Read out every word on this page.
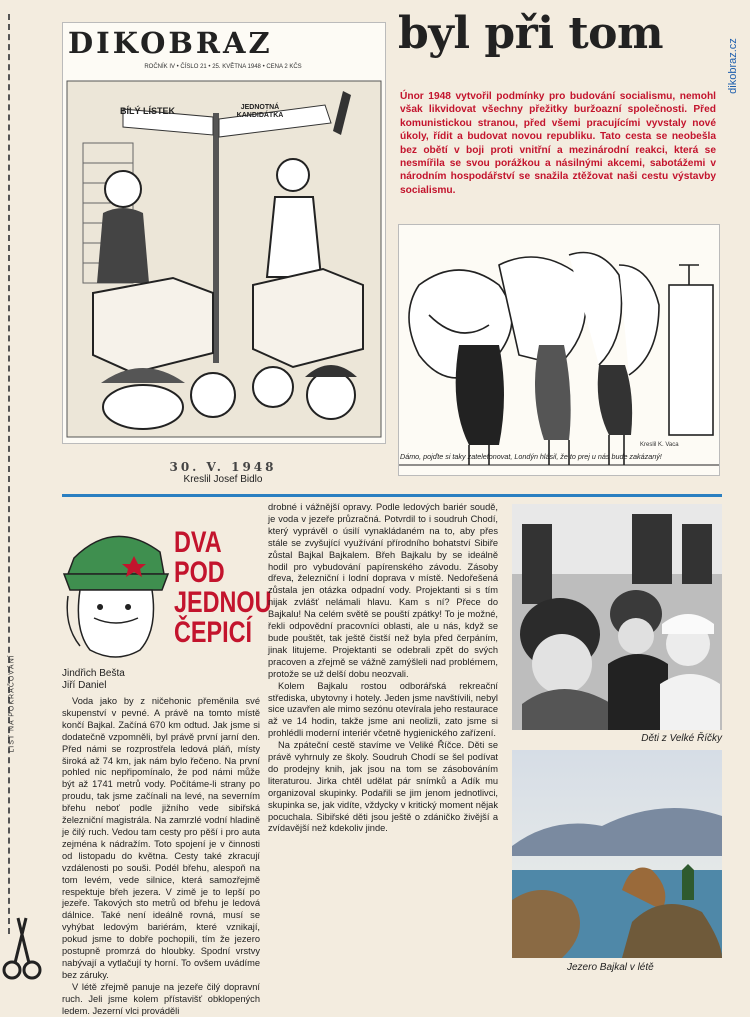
LIST NA POKRAČOVÁNÍ
dikobraz.cz
DIKOBRAZ
ROČNÍK IV • ČÍSLO 21 • 25. KVĚTNA 1948 • CENA 2 KČS
BÍLÝ LÍSTEK	JEDNOTNÁ KANDIDÁTKA
30. V. 1948
Kreslil Josef Bidlo
byl při tom
Únor 1948 vytvořil podmínky pro budování socialismu, nemohl však likvidovat všechny přežitky buržoazní společnosti. Před komunistickou stranou, před všemi pracujícími vyvstaly nové úkoly, řídit a budovat novou republiku. Tato cesta se neobešla bez obětí v boji proti vnitřní a mezinárodní reakci, která se nesmířila se svou porážkou a násilnými akcemi, sabotážemi v národním hospodářství se snažila ztěžovat naši cestu výstavby socialismu.
Kreslil K. Vaca
Dámo, pojďte si taky zatelefonovat, Londýn hlásil, že to prej u nás bude zakázaný!
DVA
POD
JEDNOU
ČEPICÍ
Jindřich Bešta
Jiří Daniel

Voda jako by z ničehonic přeměnila své skupenství v pevné. A právě na tomto místě končí Bajkal. Začíná 670 km odtud. Jak jsme si dodatečně vzpomněli, byl právě první jarní den. Před námi se rozprostřela ledová pláň, místy široká až 74 km, jak nám bylo řečeno. Na první pohled nic nepřipomínalo, že pod námi může být až 1741 metrů vody. Počítáme-li strany po proudu, tak jsme začínali na levé, na severním břehu neboť podle jižního vede sibiřská železniční magistrála. Na zamrzlé vodní hladině je čilý ruch. Vedou tam cesty pro pěší i pro auta zejména k nádražím. Toto spojení je v činnosti od listopadu do května. Cesty také zkracují vzdálenosti po souši. Podél břehu, alespoň na tom levém, vede silnice, která samozřejmě respektuje břeh jezera. V zimě je to lepší po jezeře. Takových sto metrů od břehu je ledová dálnice. Také není ideálně rovná, musí se vyhýbat ledovým bariérám, které vznikají, pokud jsme to dobře pochopili, tím že jezero postupně promrzá do hloubky. Spodní vrstvy nabývají a vytlačují ty horní. To ovšem uvádíme bez záruky.

V létě zřejmě panuje na jezeře čilý dopravní ruch. Jeli jsme kolem přístavišť obklopených ledem. Jezerní vlci prováděli

drobné i vážnější opravy. Podle ledových bariér soudě, je voda v jezeře průzračná. Potvrdil to i soudruh Chodí, který vyprávěl o úsilí vynakládaném na to, aby přes stále se zvyšující využívání přírodního bohatství Sibiře zůstal Bajkal Bajkalem. Břeh Bajkalu by se ideálně hodil pro vybudování papírenského závodu. Zásoby dřeva, železniční i lodní doprava v místě. Nedořešená zůstala jen otázka odpadní vody. Projektanti si s tím nijak zvlášť nelámali hlavu. Kam s ní? Přece do Bajkalu! Na celém světě se pouští zpátky! To je možné, řekli odpovědní pracovníci oblasti, ale u nás, když se bude pouštět, tak ještě čistší než byla před čerpáním, jinak litujeme. Projektanti se odebrali zpět do svých pracoven a zřejmě se vážně zamýšleli nad problémem, protože se už delší dobu neozvali.

Kolem Bajkalu rostou odborářská rekreační střediska, ubytovny i hotely. Jeden jsme navštívili, nebyl sice uzavřen ale mimo sezónu otevírala jeho restaurace až ve 14 hodin, takže jsme ani neolizli, zato jsme si prohlédli moderní interiér včetně hygienického zařízení.

Na zpáteční cestě stavíme ve Veliké Říčce. Děti se právě vyhrnuly ze školy. Soudruh Chodí se šel podívat do prodejny knih, jak jsou na tom se zásobováním literaturou. Jirka chtěl udělat pár snímků a Adík mu organizoval skupinky. Podařili se jim jenom jednotlivci, skupinka se, jak vidíte, vždycky v kritický moment nějak pocuchala. Sibiřské děti jsou ještě o zdáničko živější a zvídavější než kdekoliv jinde.

Děti z Velké Říčky
Jezero Bajkal v létě
